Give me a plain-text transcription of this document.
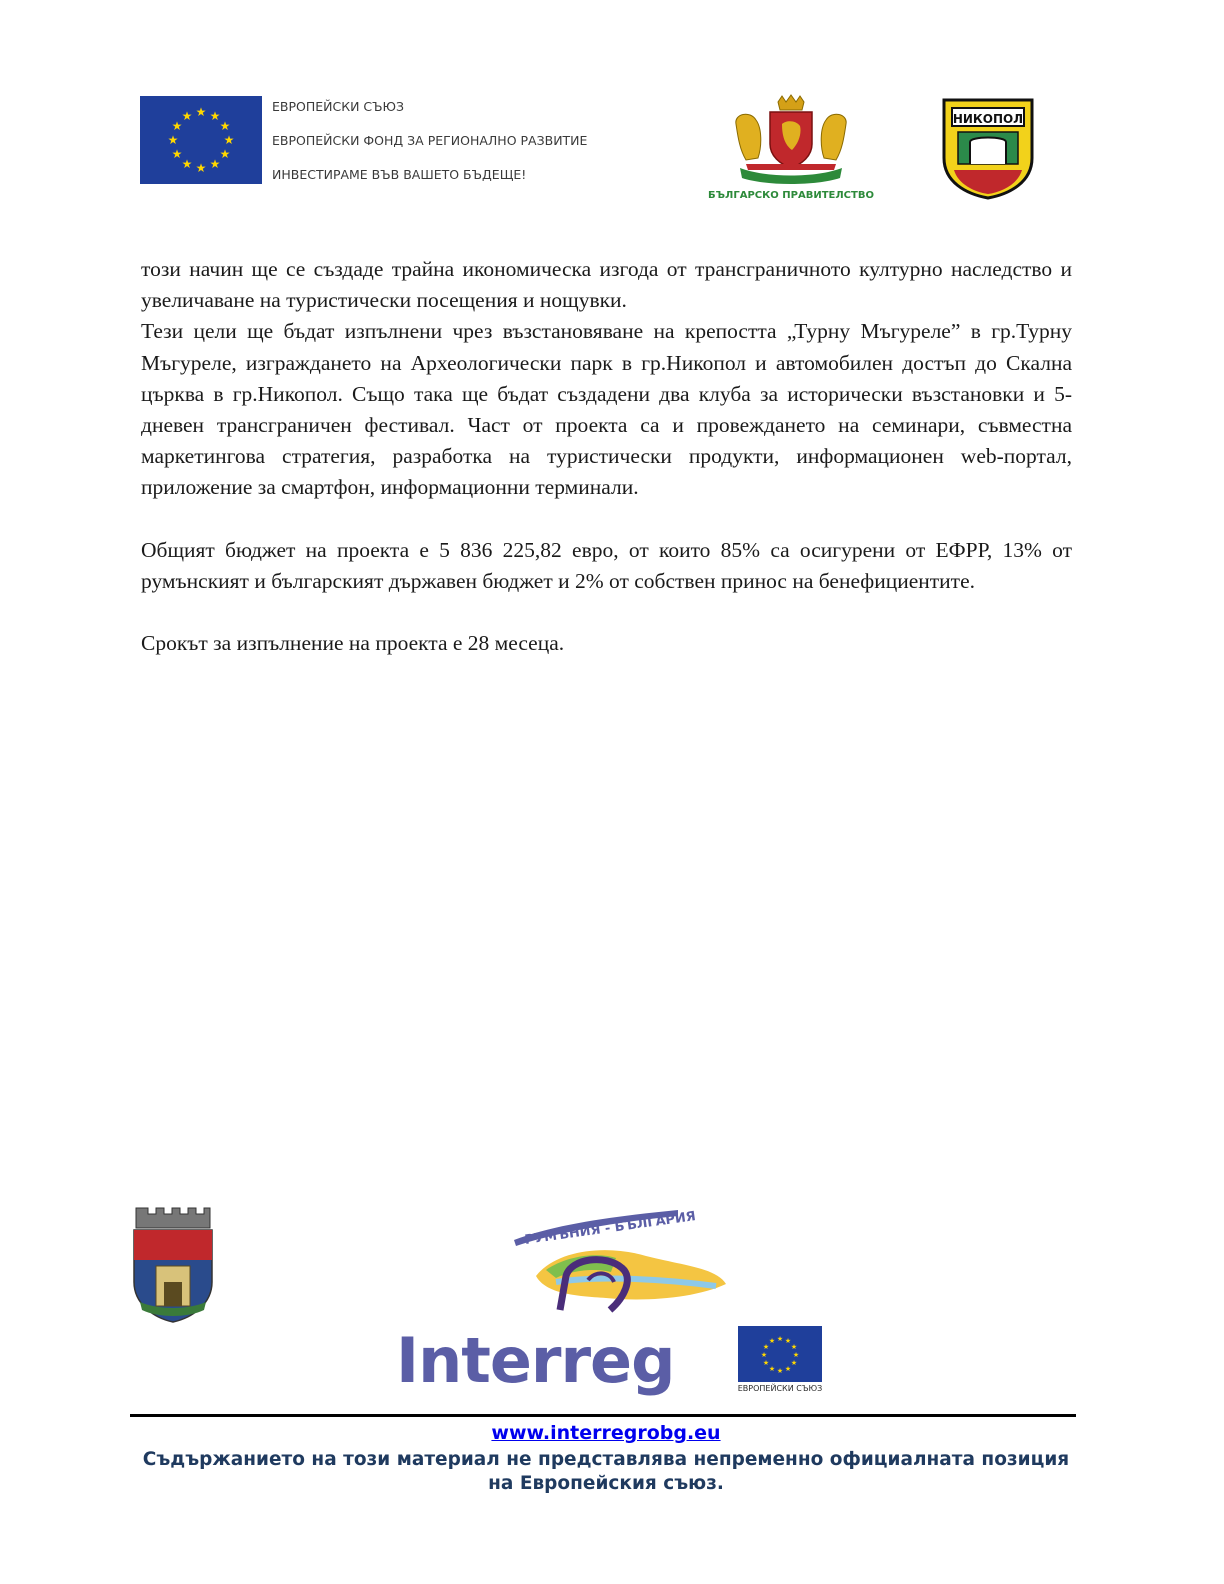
★ ★
★
★
★
★
★
★
★
★
★
★
ЕВРОПЕЙСКИ СЪЮЗ
ЕВРОПЕЙСКИ ФОНД ЗА РЕГИОНАЛНО РАЗВИТИЕ
ИНВЕСТИРАМЕ ВЪВ ВАШЕТО БЪДЕЩЕ!
БЪЛГАРСКО ПРАВИТЕЛСТВО
НИКОПОЛ

този начин ще се създаде трайна икономическа изгода от трансграничното културно наследство и увеличаване на туристически посещения и нощувки.

Тези цели ще бъдат изпълнени чрез възстановяване на крепостта „Турну Мъгуреле” в гр.Турну Мъгуреле, изграждането на Археологически парк в гр.Никопол и автомобилен достъп до Скална църква в гр.Никопол. Също така ще бъдат създадени два клуба за исторически възстановки и 5-дневен трансграничен фестивал. Част от проекта са и провеждането на семинари, съвместна маркетингова стратегия, разработка на туристически продукти, информационен web-портал, приложение за смартфон, информационни терминали.

Общият бюджет на проекта е 5 836 225,82 евро, от които 85% са осигурени от ЕФРР, 13% от румънският и българският държавен бюджет и 2% от собствен принос на бенефициентите.

Срокът за изпълнение на проекта е 28 месеца.

РУМЪНИЯ - БЪЛГАРИЯ
Interreg	★ ★
★
★
★
★
★
★
★
★
★
★
ЕВРОПЕЙСКИ СЪЮЗ
www.interregrobg.eu
Съдържанието на този материал не представлява непременно официалната позиция
на Европейския съюз.
